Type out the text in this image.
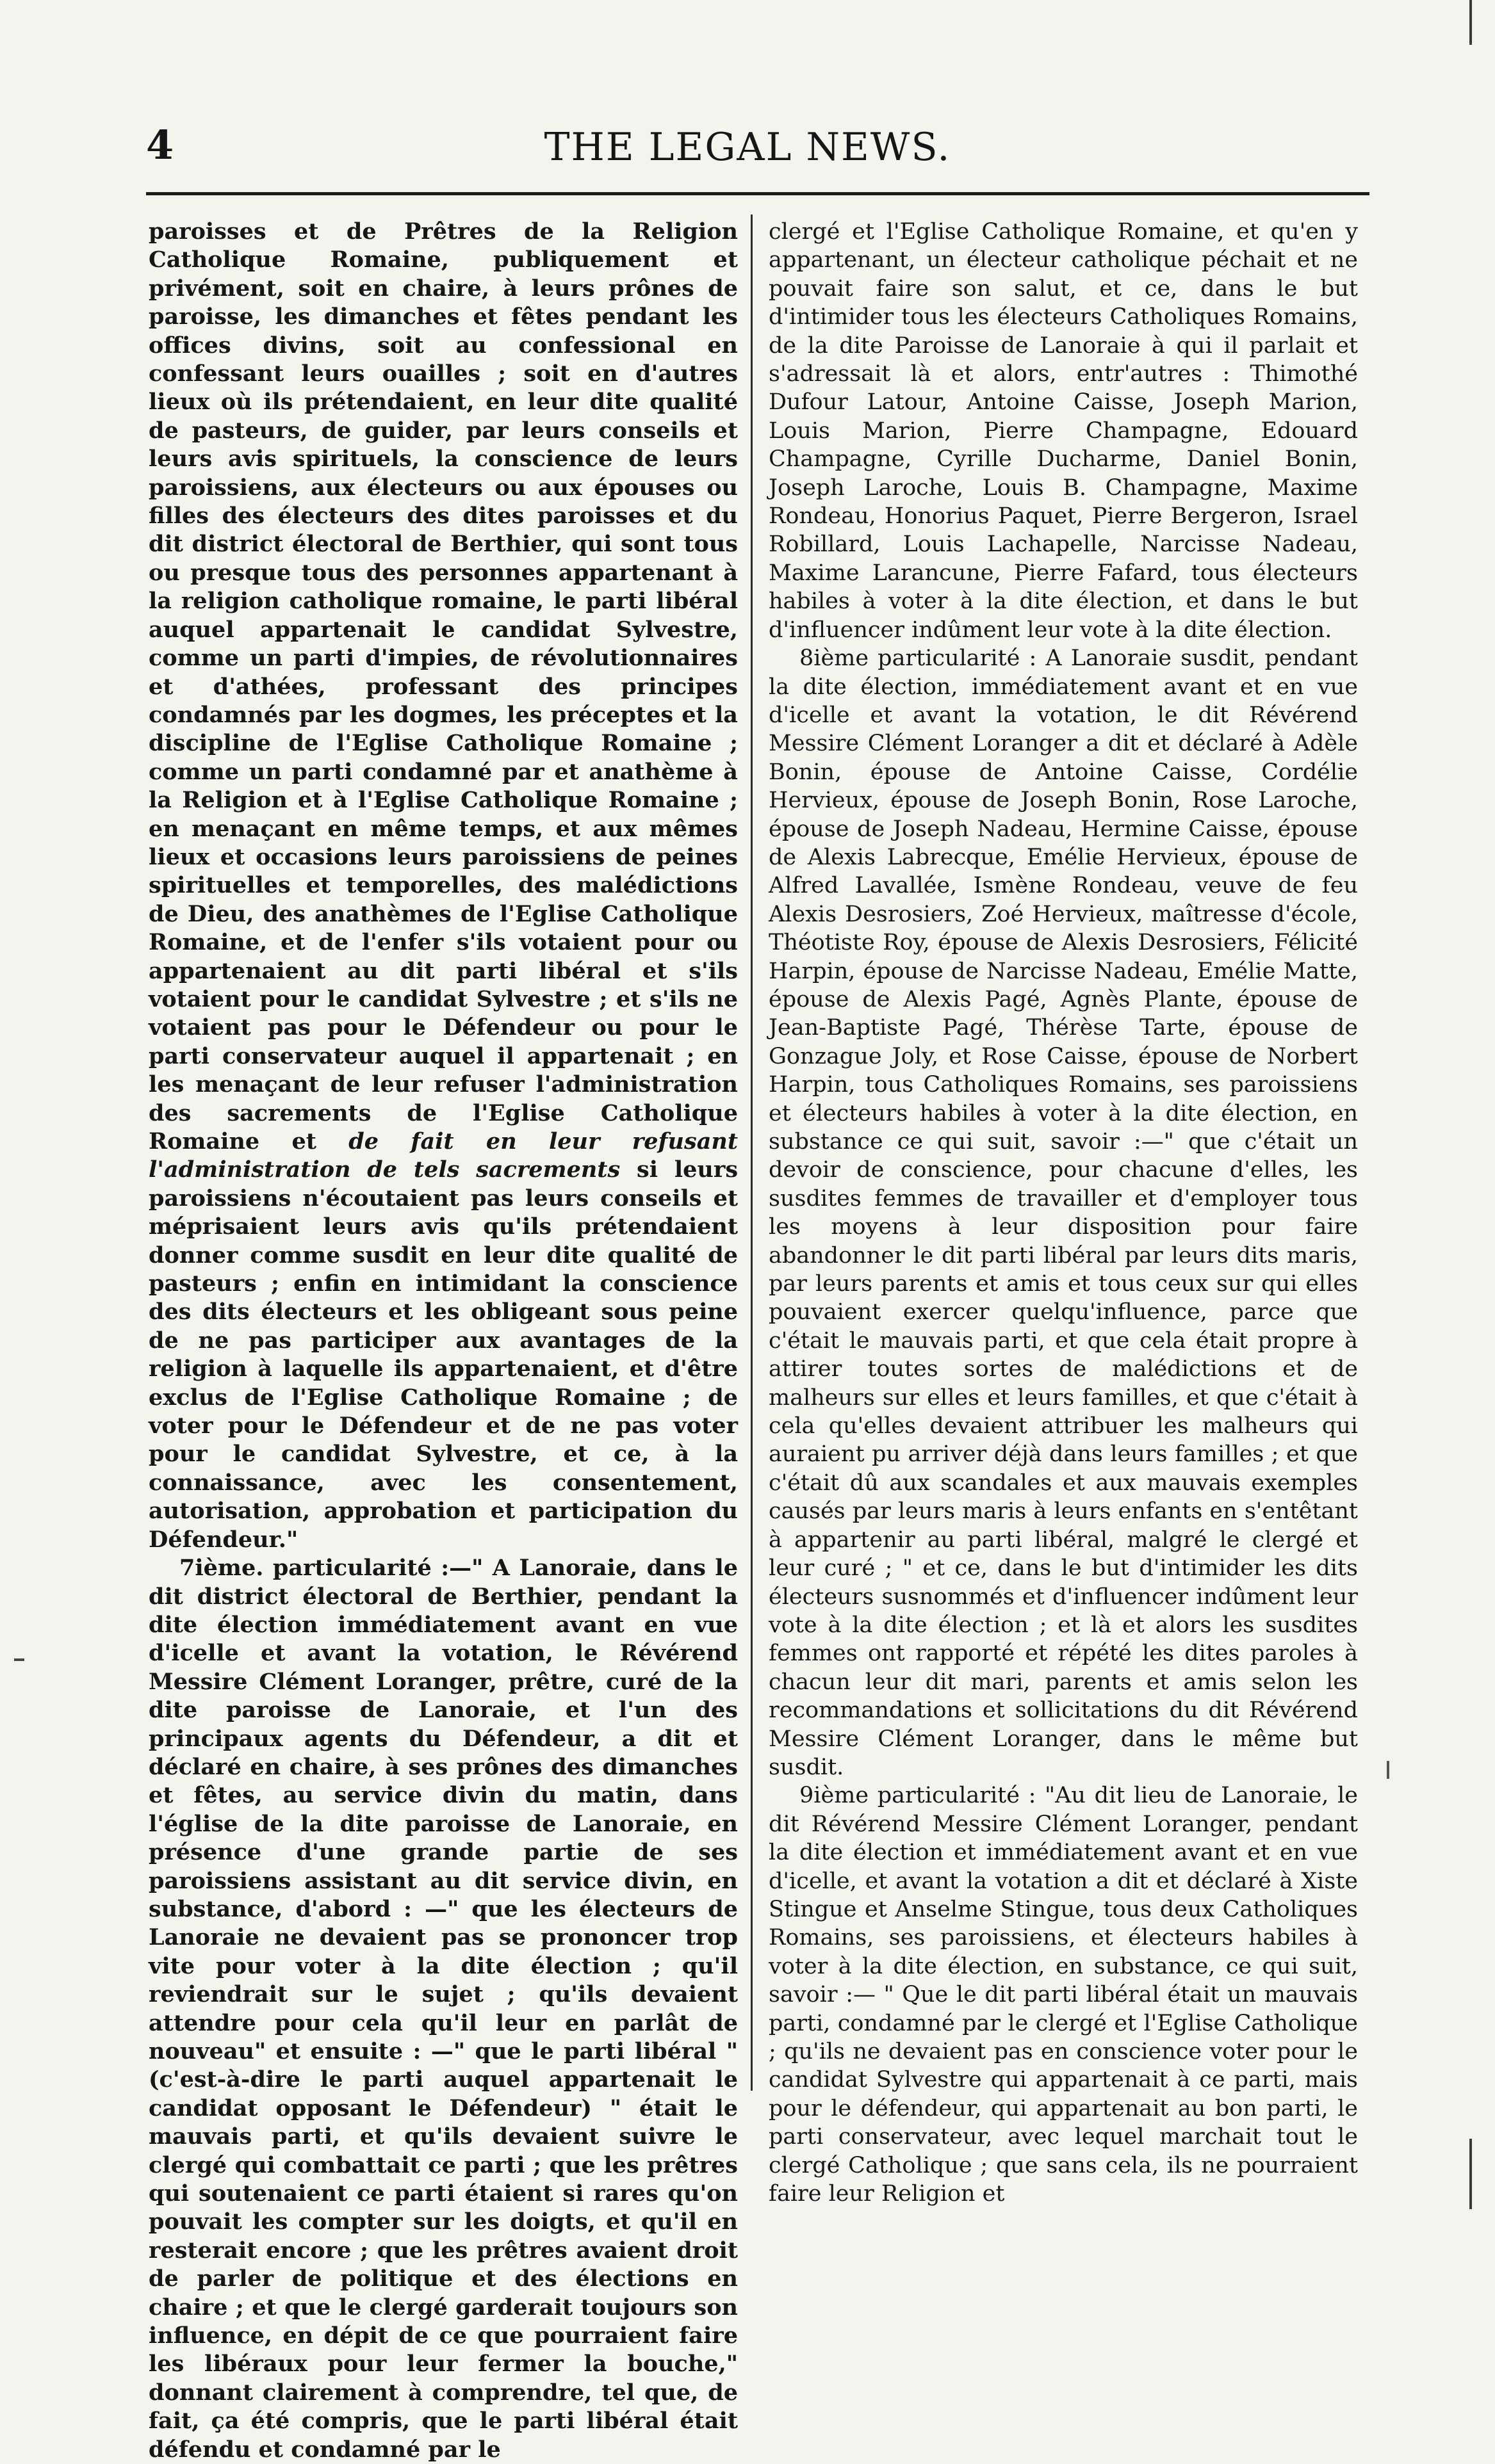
4	THE LEGAL NEWS.

paroisses et de Prêtres de la Religion Catholique Romaine, publiquement et privément, soit en chaire, à leurs prônes de paroisse, les dimanches et fêtes pendant les offices divins, soit au confessional en confessant leurs ouailles ; soit en d'autres lieux où ils prétendaient, en leur dite qualité de pasteurs, de guider, par leurs conseils et leurs avis spirituels, la conscience de leurs paroissiens, aux électeurs ou aux épouses ou filles des électeurs des dites paroisses et du dit district électoral de Berthier, qui sont tous ou presque tous des personnes appartenant à la religion catholique romaine, le parti libéral auquel appartenait le candidat Sylvestre, comme un parti d'impies, de révolutionnaires et d'athées, professant des principes condamnés par les dogmes, les préceptes et la discipline de l'Eglise Catholique Romaine ; comme un parti condamné par et anathème à la Religion et à l'Eglise Catholique Romaine ; en menaçant en même temps, et aux mêmes lieux et occasions leurs paroissiens de peines spirituelles et temporelles, des malédictions de Dieu, des anathèmes de l'Eglise Catholique Romaine, et de l'enfer s'ils votaient pour ou appartenaient au dit parti libéral et s'ils votaient pour le candidat Sylvestre ; et s'ils ne votaient pas pour le Défendeur ou pour le parti conservateur auquel il appartenait ; en les menaçant de leur refuser l'administration des sacrements de l'Eglise Catholique Romaine et de fait en leur refusant l'administration de tels sacrements si leurs paroissiens n'écoutaient pas leurs conseils et méprisaient leurs avis qu'ils prétendaient donner comme susdit en leur dite qualité de pasteurs ; enfin en intimidant la conscience des dits électeurs et les obligeant sous peine de ne pas participer aux avantages de la religion à laquelle ils appartenaient, et d'être exclus de l'Eglise Catholique Romaine ; de voter pour le Défendeur et de ne pas voter pour le candidat Sylvestre, et ce, à la connaissance, avec les consentement, autorisation, approbation et participation du Défendeur."

7ième. particularité :—" A Lanoraie, dans le dit district électoral de Berthier, pendant la dite élection immédiatement avant en vue d'icelle et avant la votation, le Révérend Messire Clément Loranger, prêtre, curé de la dite paroisse de Lanoraie, et l'un des principaux agents du Défendeur, a dit et déclaré en chaire, à ses prônes des dimanches et fêtes, au service divin du matin, dans l'église de la dite paroisse de Lanoraie, en présence d'une grande partie de ses paroissiens assistant au dit service divin, en substance, d'abord : —" que les électeurs de Lanoraie ne devaient pas se prononcer trop vite pour voter à la dite élection ; qu'il reviendrait sur le sujet ; qu'ils devaient attendre pour cela qu'il leur en parlât de nouveau" et ensuite : —" que le parti libéral " (c'est-à-dire le parti auquel appartenait le candidat opposant le Défendeur) " était le mauvais parti, et qu'ils devaient suivre le clergé qui combattait ce parti ; que les prêtres qui soutenaient ce parti étaient si rares qu'on pouvait les compter sur les doigts, et qu'il en resterait encore ; que les prêtres avaient droit de parler de politique et des élections en chaire ; et que le clergé garderait toujours son influence, en dépit de ce que pourraient faire les libéraux pour leur fermer la bouche," donnant clairement à comprendre, tel que, de fait, ça été compris, que le parti libéral était défendu et condamné par le

clergé et l'Eglise Catholique Romaine, et qu'en y appartenant, un électeur catholique péchait et ne pouvait faire son salut, et ce, dans le but d'intimider tous les électeurs Catholiques Romains, de la dite Paroisse de Lanoraie à qui il parlait et s'adressait là et alors, entr'autres : Thimothé Dufour Latour, Antoine Caisse, Joseph Marion, Louis Marion, Pierre Champagne, Edouard Champagne, Cyrille Ducharme, Daniel Bonin, Joseph Laroche, Louis B. Champagne, Maxime Rondeau, Honorius Paquet, Pierre Bergeron, Israel Robillard, Louis Lachapelle, Narcisse Nadeau, Maxime Larancune, Pierre Fafard, tous électeurs habiles à voter à la dite élection, et dans le but d'influencer indûment leur vote à la dite élection.

8ième particularité : A Lanoraie susdit, pendant la dite élection, immédiatement avant et en vue d'icelle et avant la votation, le dit Révérend Messire Clément Loranger a dit et déclaré à Adèle Bonin, épouse de Antoine Caisse, Cordélie Hervieux, épouse de Joseph Bonin, Rose Laroche, épouse de Joseph Nadeau, Hermine Caisse, épouse de Alexis Labrecque, Emélie Hervieux, épouse de Alfred Lavallée, Ismène Rondeau, veuve de feu Alexis Desrosiers, Zoé Hervieux, maîtresse d'école, Théotiste Roy, épouse de Alexis Desrosiers, Félicité Harpin, épouse de Narcisse Nadeau, Emélie Matte, épouse de Alexis Pagé, Agnès Plante, épouse de Jean-Baptiste Pagé, Thérèse Tarte, épouse de Gonzague Joly, et Rose Caisse, épouse de Norbert Harpin, tous Catholiques Romains, ses paroissiens et électeurs habiles à voter à la dite élection, en substance ce qui suit, savoir :—" que c'était un devoir de conscience, pour chacune d'elles, les susdites femmes de travailler et d'employer tous les moyens à leur disposition pour faire abandonner le dit parti libéral par leurs dits maris, par leurs parents et amis et tous ceux sur qui elles pouvaient exercer quelqu'influence, parce que c'était le mauvais parti, et que cela était propre à attirer toutes sortes de malédictions et de malheurs sur elles et leurs familles, et que c'était à cela qu'elles devaient attribuer les malheurs qui auraient pu arriver déjà dans leurs familles ; et que c'était dû aux scandales et aux mauvais exemples causés par leurs maris à leurs enfants en s'entêtant à appartenir au parti libéral, malgré le clergé et leur curé ; " et ce, dans le but d'intimider les dits électeurs susnommés et d'influencer indûment leur vote à la dite élection ; et là et alors les susdites femmes ont rapporté et répété les dites paroles à chacun leur dit mari, parents et amis selon les recommandations et sollicitations du dit Révérend Messire Clément Loranger, dans le même but susdit.

9ième particularité : "Au dit lieu de Lanoraie, le dit Révérend Messire Clément Loranger, pendant la dite élection et immédiatement avant et en vue d'icelle, et avant la votation a dit et déclaré à Xiste Stingue et Anselme Stingue, tous deux Catholiques Romains, ses paroissiens, et électeurs habiles à voter à la dite élection, en substance, ce qui suit, savoir :— " Que le dit parti libéral était un mauvais parti, condamné par le clergé et l'Eglise Catholique ; qu'ils ne devaient pas en conscience voter pour le candidat Sylvestre qui appartenait à ce parti, mais pour le défendeur, qui appartenait au bon parti, le parti conservateur, avec lequel marchait tout le clergé Catholique ; que sans cela, ils ne pourraient faire leur Religion et
